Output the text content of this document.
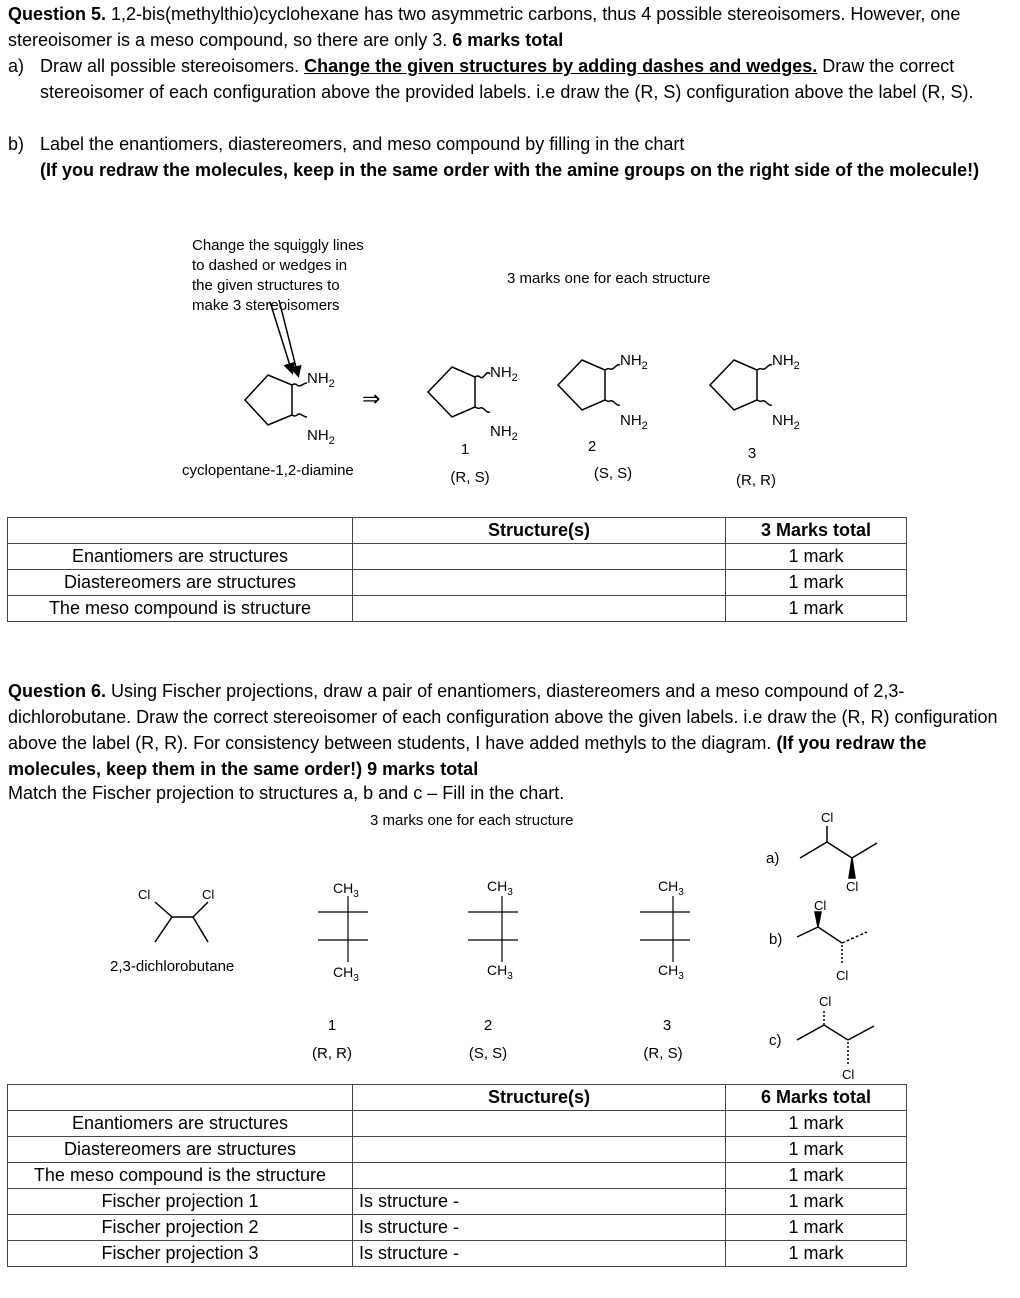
Question 5. 1,2-bis(methylthio)cyclohexane has two asymmetric carbons, thus 4 possible stereoisomers. However, one stereoisomer is a meso compound, so there are only 3. 6 marks total
a) Draw all possible stereoisomers. Change the given structures by adding dashes and wedges. Draw the correct stereoisomer of each configuration above the provided labels. i.e draw the (R, S) configuration above the label (R, S).
b) Label the enantiomers, diastereomers, and meso compound by filling in the chart
(If you redraw the molecules, keep in the same order with the amine groups on the right side of the molecule!)
Change the squiggly lines
to dashed or wedges in
the given structures to
make 3 stereoisomers
3 marks one for each structure
$NH_2$
$NH_2$
⇒
$NH_2$
$NH_2$
$NH_2$
$NH_2$
$NH_2$
$NH_2$
cyclopentane-1,2-diamine
1
(R, S)
2
(S, S)
3
(R, R)
	Structure(s)	3 Marks total
Enantiomers are structures		1 mark
Diastereomers are structures		1 mark
The meso compound is structure		1 mark
Question 6. Using Fischer projections, draw a pair of enantiomers, diastereomers and a meso compound of 2,3-dichlorobutane. Draw the correct stereoisomer of each configuration above the given labels. i.e draw the (R, R) configuration above the label (R, R). For consistency between students, I have added methyls to the diagram. (If you redraw the molecules, keep them in the same order!) 9 marks total
Match the Fischer projection to structures a, b and c – Fill in the chart.
3 marks one for each structure
Cl	Cl	$CH_3$
$CH_3$
$CH_3$
$CH_3$
$CH_3$
$CH_3$
Cl
Cl
Cl
Cl
Cl
Cl
2,3-dichlorobutane
1
(R, R)
2
(S, S)
3
(R, S)
a)
b)
c)
	Structure(s)	6 Marks total
Enantiomers are structures		1 mark
Diastereomers are structures		1 mark
The meso compound is the structure		1 mark
Fischer projection 1	Is structure -	1 mark
Fischer projection 2	Is structure -	1 mark
Fischer projection 3	Is structure -	1 mark
